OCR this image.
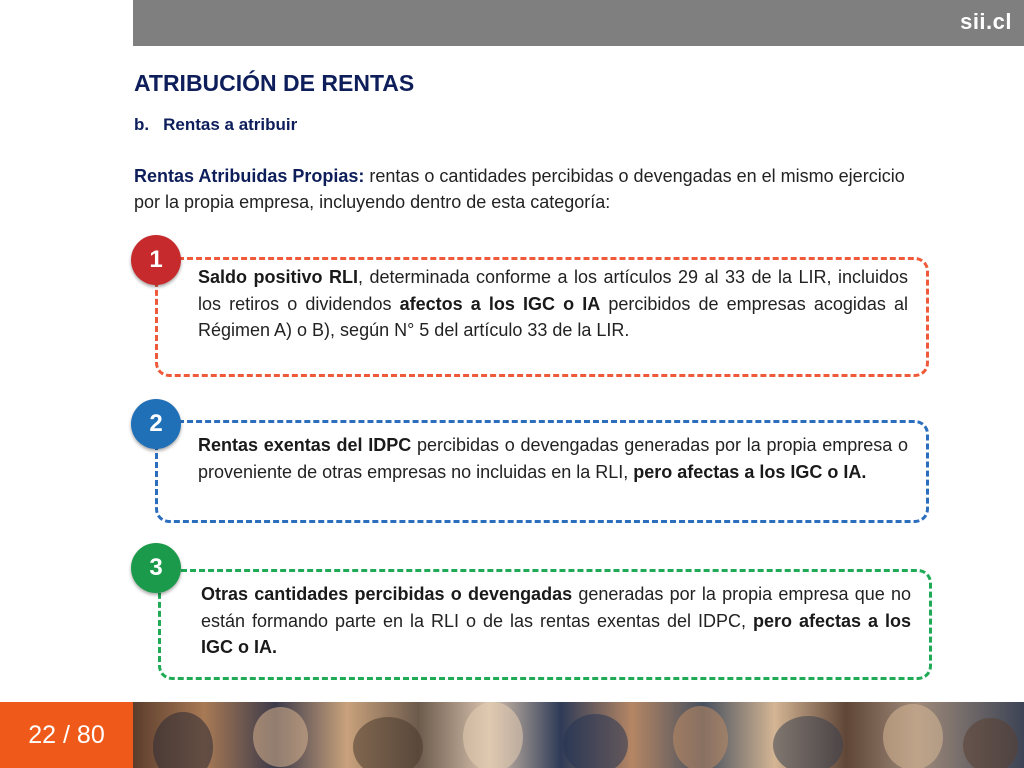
sii.cl
ATRIBUCIÓN DE RENTAS
b. Rentas a atribuir
Rentas Atribuidas Propias: rentas o cantidades percibidas o devengadas en el mismo ejercicio por la propia empresa, incluyendo dentro de esta categoría:
Saldo positivo RLI, determinada conforme a los artículos 29 al 33 de la LIR, incluidos los retiros o dividendos afectos a los IGC o IA percibidos de empresas acogidas al Régimen A) o B), según N° 5 del artículo 33 de la LIR.
1
Rentas exentas del IDPC percibidas o devengadas generadas por la propia empresa o proveniente de otras empresas no incluidas en la RLI, pero afectas a los IGC o IA.
2
Otras cantidades percibidas o devengadas generadas por la propia empresa que no están formando parte en la RLI o de las rentas exentas del IDPC, pero afectas a los IGC o IA.
3
22 / 80
